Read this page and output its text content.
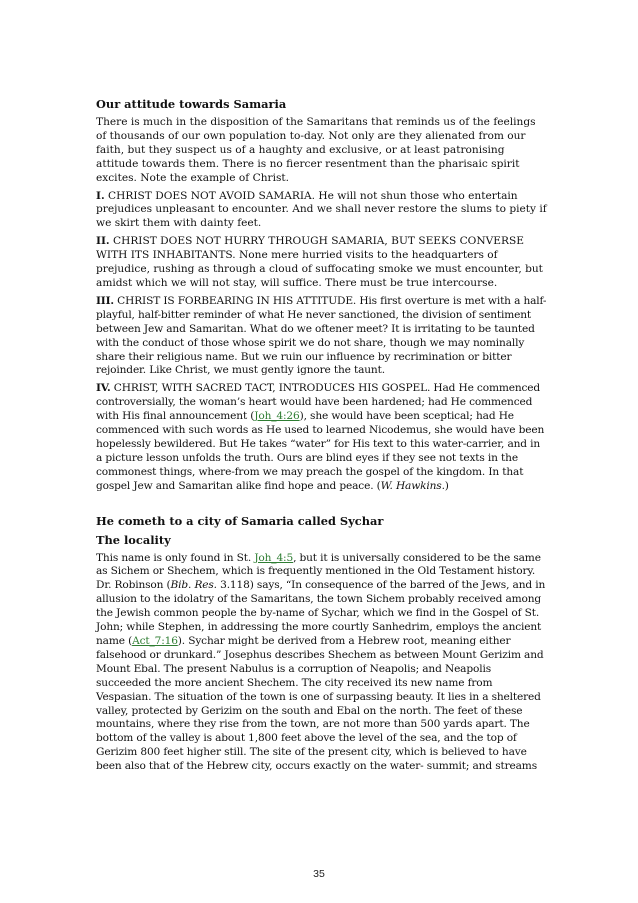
Our attitude towards Samaria

There is much in the disposition of the Samaritans that reminds us of the feelings of thousands of our own population to-day. Not only are they alienated from our faith, but they suspect us of a haughty and exclusive, or at least patronising attitude towards them. There is no fiercer resentment than the pharisaic spirit excites. Note the example of Christ.

I. CHRIST DOES NOT AVOID SAMARIA. He will not shun those who entertain prejudices unpleasant to encounter. And we shall never restore the slums to piety if we skirt them with dainty feet.

II. CHRIST DOES NOT HURRY THROUGH SAMARIA, BUT SEEKS CONVERSE WITH ITS INHABITANTS. None mere hurried visits to the headquarters of prejudice, rushing as through a cloud of suffocating smoke we must encounter, but amidst which we will not stay, will suffice. There must be true intercourse.

III. CHRIST IS FORBEARING IN HIS ATTITUDE. His first overture is met with a half-playful, half-bitter reminder of what He never sanctioned, the division of sentiment between Jew and Samaritan. What do we oftener meet? It is irritating to be taunted with the conduct of those whose spirit we do not share, though we may nominally share their religious name. But we ruin our influence by recrimination or bitter rejoinder. Like Christ, we must gently ignore the taunt.

IV. CHRIST, WITH SACRED TACT, INTRODUCES HIS GOSPEL. Had He commenced controversially, the woman’s heart would have been hardened; had He commenced with His final announcement (Joh_4:26), she would have been sceptical; had He commenced with such words as He used to learned Nicodemus, she would have been hopelessly bewildered. But He takes “water” for His text to this water-carrier, and in a picture lesson unfolds the truth. Ours are blind eyes if they see not texts in the commonest things, where-from we may preach the gospel of the kingdom. In that gospel Jew and Samaritan alike find hope and peace. (W. Hawkins.)

He cometh to a city of Samaria called Sychar
The locality

This name is only found in St. Joh_4:5, but it is universally considered to be the same as Sichem or Shechem, which is frequently mentioned in the Old Testament history. Dr. Robinson (Bib. Res. 3.118) says, “In consequence of the barred of the Jews, and in allusion to the idolatry of the Samaritans, the town Sichem probably received among the Jewish common people the by-name of Sychar, which we find in the Gospel of St. John; while Stephen, in addressing the more courtly Sanhedrim, employs the ancient name (Act_7:16). Sychar might be derived from a Hebrew root, meaning either falsehood or drunkard.” Josephus describes Shechem as between Mount Gerizim and Mount Ebal. The present Nabulus is a corruption of Neapolis; and Neapolis succeeded the more ancient Shechem. The city received its new name from Vespasian. The situation of the town is one of surpassing beauty. It lies in a sheltered valley, protected by Gerizim on the south and Ebal on the north. The feet of these mountains, where they rise from the town, are not more than 500 yards apart. The bottom of the valley is about 1,800 feet above the level of the sea, and the top of Gerizim 800 feet higher still. The site of the present city, which is believed to have been also that of the Hebrew city, occurs exactly on the water- summit; and streams

35
